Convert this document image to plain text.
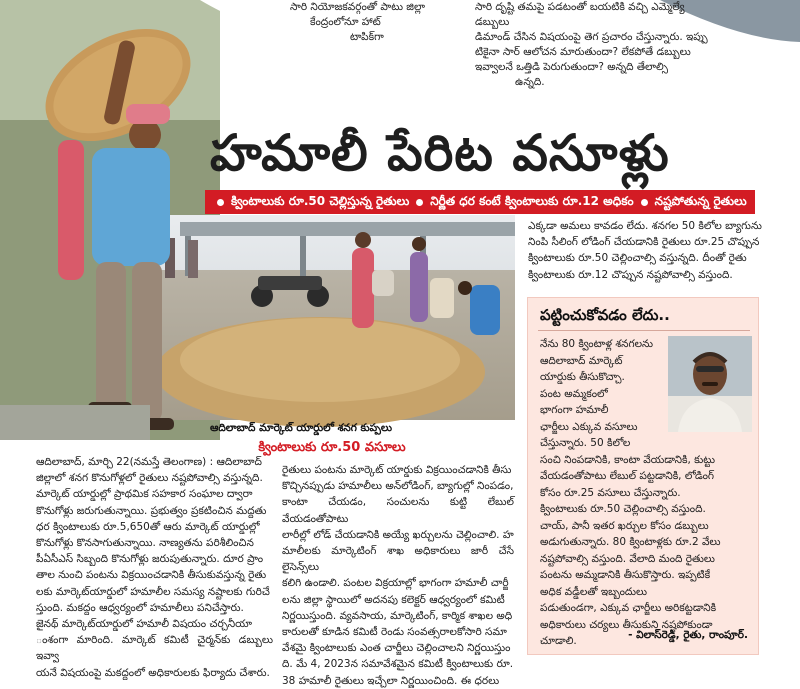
సారి నియోజకవర్గంతో పాటు జిల్లా

కేంద్రంలోనూ హాట్

టాపిక్‌గా

సారి దృష్టి తమపై పడటంతో బయటికి వచ్చి ఎమ్మెల్యే డబ్బులు

డిమాండ్ చేసిన విషయంపై తెగ ప్రచారం చేస్తున్నారు. ఇప్పు

టికైనా సార్ ఆలోచన మారుతుందా? లేకపోతే డబ్బులు

ఇవ్వాలనే ఒత్తిడి పెరుగుతుందా? అన్నది తేలాల్సి

ఉన్నది.

హమాలీ పేరిట వసూళ్లు
క్వింటాలుకు రూ.50 చెల్లిస్తున్న రైతులు నిర్ణీత ధర కంటే క్వింటాలుకు రూ.12 అధికం నష్టపోతున్న రైతులు
ఆదిలాబాద్ మార్కెట్ యార్డులో శనగ కుప్పలు
క్వింటాలుకు రూ.50 వసూలు

ఎక్కడా అమలు కావడం లేదు. శనగల 50 కిలోల బ్యాగును

నింపి సీలింగ్ లోడింగ్ చేయడానికి రైతులు రూ.25 చొప్పున

క్వింటాలుకు రూ.50 చెల్లించాల్సి వస్తున్నది. దీంతో రైతు

క్వింటాలుకు రూ.12 చొప్పున నష్టపోవాల్సి వస్తుంది.

ఆదిలాబాద్, మార్చి 22(నమస్తే తెలంగాణ) : ఆదిలాబాద్

జిల్లాలో శనగ కొనుగోళ్లలో రైతులు నష్టపోవాల్సి వస్తున్నది.

మార్కెట్ యార్డుల్లో ప్రాథమిక సహకార సంఘాల ద్వారా

కొనుగోళ్లు జరుగుతున్నాయి. ప్రభుత్వం ప్రకటించిన మద్దతు

ధర క్వింటాలుకు రూ.5,650తో ఆరు మార్కెట్ యార్డుల్లో

కొనుగోళ్లు కొనసాగుతున్నాయి. నాణ్యతను పరిశీలించిన

పీఏసీఎస్ సిబ్బంది కొనుగోళ్లు జరుపుతున్నారు. దూర ప్రాం

తాల నుంచి పంటను విక్రయించడానికి తీసుకువస్తున్న రైతు

లకు మార్కెట్‌యార్డులో హమాలీల సమస్య నష్టాలకు గురిచే

స్తుంది. మకద్దం ఆధ్వర్యంలో హమాలీలు పనిచేస్తారు.

జైనథ్ మార్కెట్‌యార్డులో హమాలీ విషయం చర్చనీయా

ంశంగా మారింది. మార్కెట్ కమిటీ చైర్మన్‌కు డబ్బులు ఇవ్వా

యనే విషయంపై మకద్దంలో అధికారులకు ఫిర్యాదు చేశారు.

రైతులు పంటను మార్కెట్ యార్డుకు విక్రయించడానికి తీసు

కొచ్చినప్పుడు హమాలీలు అన్‌లోడింగ్, బ్యాగుల్లో నింపడం,

కాంటా చేయడం, సంచులను కుట్టి లేబుల్ వేయడంతోపాటు

లారీల్లో లోడ్ చేయడానికి అయ్యే ఖర్చులను చెల్లించాలి. హ

మాలీలకు మార్కెటింగ్ శాఖ అధికారులు జారీ చేసే లైసెన్స్‌లు

కలిగి ఉండాలి. పంటల విక్రయాల్లో భాగంగా హమాలీ చార్జీ

లను జిల్లా స్థాయిలో అదనపు కలెక్టర్ ఆధ్వర్యంలో కమిటీ

నిర్ణయిస్తుంది. వ్యవసాయ, మార్కెటింగ్, కార్మిక శాఖల అధి

కారులతో కూడిన కమిటీ రెండు సంవత్సరాలకోసారి సమా

వేశమై క్వింటాలుకు ఎంత చార్జీలు చెల్లించాలని నిర్ణయిస్తుం

ది. మే 4, 2023న సమావేశమైన కమిటీ క్వింటాలుకు రూ.

38 హమాలీ రైతులు ఇచ్చేలా నిర్ణయించింది. ఈ ధరలు

పట్టించుకోవడం లేదు..

నేను 80 క్వింటాళ్ల శనగలను

ఆదిలాబాద్ మార్కెట్

యార్డుకు తీసుకొచ్చా.

పంట అమ్మకంలో

భాగంగా హమాలీ

ఛార్జీలు ఎక్కువ వసూలు

చేస్తున్నారు. 50 కిలోల

సంచి నింపడానికి, కాంటా వేయడానికి, కుట్టు

వేయడంతోపాటు లేబుల్ పట్టడానికి, లోడింగ్

కోసం రూ.25 వసూలు చేస్తున్నారు.

క్వింటాలుకు రూ.50 చెల్లించాల్సి వస్తుంది.

చాయ్, పానీ ఇతర ఖర్చుల కోసం డబ్బులు

అడుగుతున్నారు. 80 క్వింటాళ్లకు రూ.2 వేలు

నష్టపోవాల్సి వస్తుంది. వేలాది మంది రైతులు

పంటను అమ్మడానికి తీసుకొస్తారు. ఇప్పటికే

అధిక వడ్డీలతో ఇబ్బందులు

పడుతుండగా, ఎక్కువ ఛార్జీలు అరికట్టడానికి

అధికారులు చర్యలు తీసుకుని నష్టపోకుండా

చూడాలి.	- విలాస్‌రెడ్డి, రైతు, రాంపూర్.
